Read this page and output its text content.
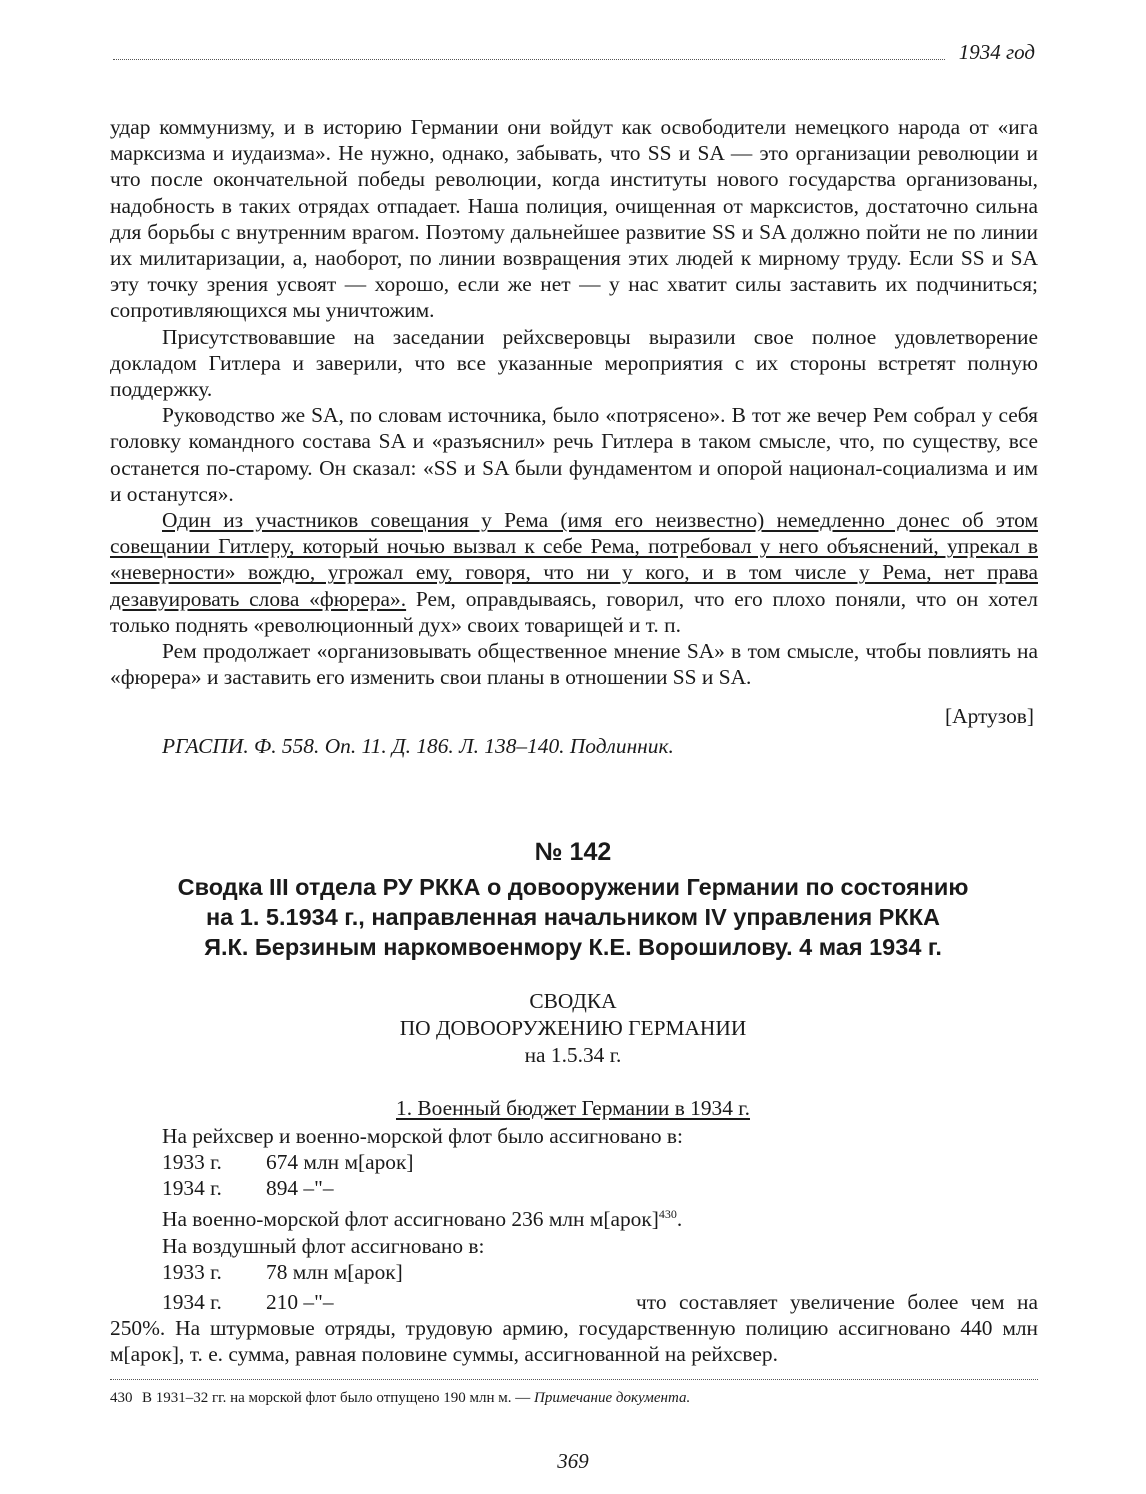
1934 год

удар коммунизму, и в историю Германии они войдут как освободители немецкого народа от «ига марксизма и иудаизма». Не нужно, однако, забывать, что SS и SA — это организации революции и что после окончательной победы революции, когда институты нового государства организованы, надобность в таких отрядах отпадает. Наша полиция, очищенная от марксистов, достаточно сильна для борьбы с внутренним врагом. Поэтому дальнейшее развитие SS и SA должно пойти не по линии их милитаризации, а, наоборот, по линии возвращения этих людей к мирному труду. Если SS и SA эту точку зрения усвоят — хорошо, если же нет — у нас хватит силы заставить их подчиниться; сопротивляющихся мы уничтожим.

Присутствовавшие на заседании рейхсверовцы выразили свое полное удовлетворение докладом Гитлера и заверили, что все указанные мероприятия с их стороны встретят полную поддержку.

Руководство же SA, по словам источника, было «потрясено». В тот же вечер Рем собрал у себя головку командного состава SA и «разъяснил» речь Гитлера в таком смысле, что, по существу, все останется по-старому. Он сказал: «SS и SA были фундаментом и опорой национал-социализма и им и останутся».

Один из участников совещания у Рема (имя его неизвестно) немедленно донес об этом совещании Гитлеру, который ночью вызвал к себе Рема, потребовал у него объяснений, упрекал в «неверности» вождю, угрожал ему, говоря, что ни у кого, и в том числе у Рема, нет права дезавуировать слова «фюрера». Рем, оправдываясь, говорил, что его плохо поняли, что он хотел только поднять «революционный дух» своих товарищей и т. п.

Рем продолжает «организовывать общественное мнение SA» в том смысле, чтобы повлиять на «фюрера» и заставить его изменить свои планы в отношении SS и SA.

[Артузов]
РГАСПИ. Ф. 558. Оп. 11. Д. 186. Л. 138–140. Подлинник.
№ 142
Сводка III отдела РУ РККА о довооружении Германии по состоянию
на 1. 5.1934 г., направленная начальником IV управления РККА
Я.К. Берзиным наркомвоенмору К.Е. Ворошилову. 4 мая 1934 г.
СВОДКА
ПО ДОВООРУЖЕНИЮ ГЕРМАНИИ
на 1.5.34 г.
1. Военный бюджет Германии в 1934 г.
На рейхсвер и военно-морской флот было ассигновано в:
1933 г. 674 млн м[арок]
1934 г. 894 –"–
На военно-морской флот ассигновано 236 млн м[арок]$^{430}$.
На воздушный флот ассигновано в:
1933 г. 78 млн м[арок]
1934 г. 210 –"–	что составляет увеличение более чем на 250%. На штурмовые отряды, трудовую армию, государственную полицию ассигновано 440 млн м[арок], т. е. сумма, равная половине суммы, ассигнованной на рейхсвер.
430 В 1931–32 гг. на морской флот было отпущено 190 млн м. — Примечание документа.
369
